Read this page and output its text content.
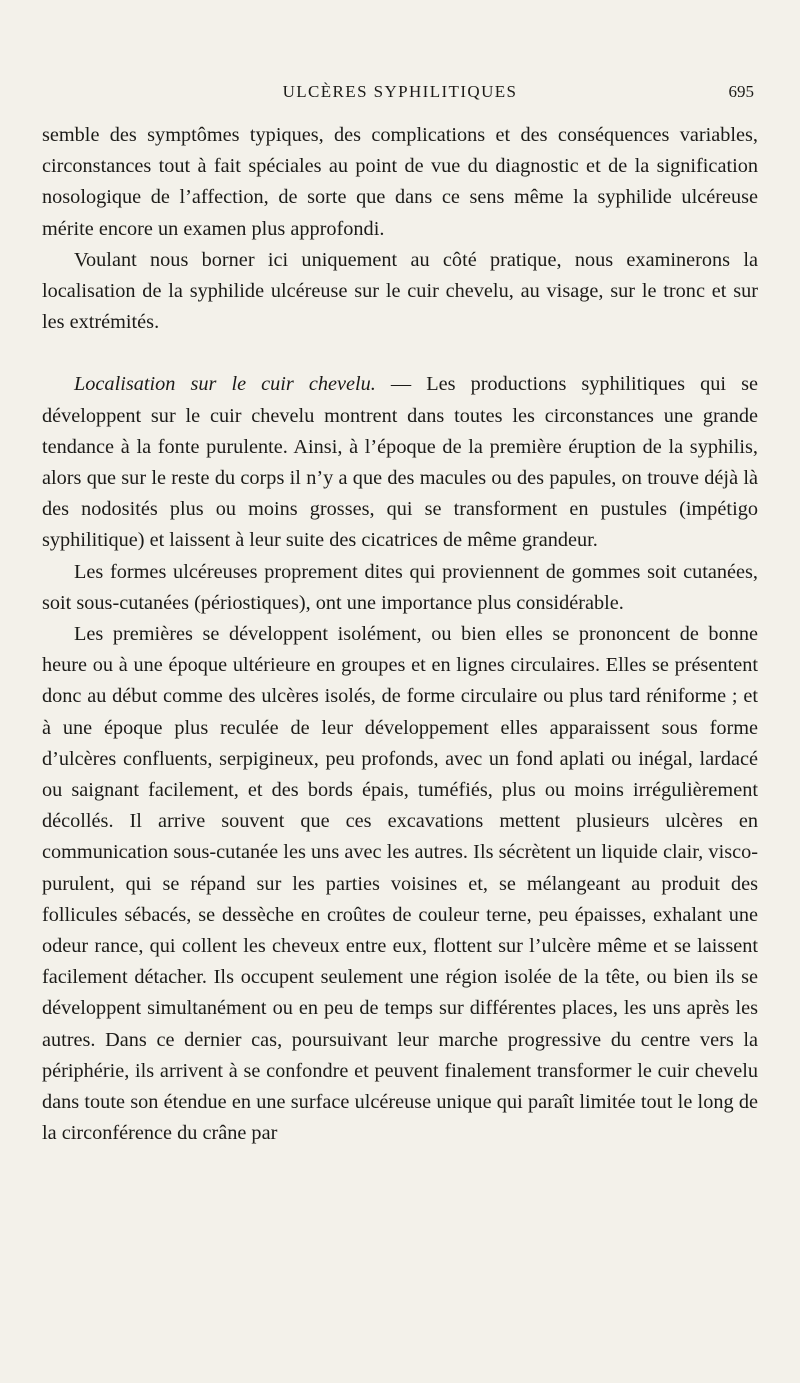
ULCÈRES SYPHILITIQUES	695

semble des symptômes typiques, des complications et des conséquences variables, circonstances tout à fait spéciales au point de vue du diagnostic et de la signification nosologique de l’affection, de sorte que dans ce sens même la syphilide ulcéreuse mérite encore un examen plus approfondi.

Voulant nous borner ici uniquement au côté pratique, nous examinerons la localisation de la syphilide ulcéreuse sur le cuir chevelu, au visage, sur le tronc et sur les extrémités.

Localisation sur le cuir chevelu. — Les productions syphilitiques qui se développent sur le cuir chevelu montrent dans toutes les circonstances une grande tendance à la fonte purulente. Ainsi, à l’époque de la première éruption de la syphilis, alors que sur le reste du corps il n’y a que des macules ou des papules, on trouve déjà là des nodosités plus ou moins grosses, qui se transforment en pustules (impétigo syphilitique) et laissent à leur suite des cicatrices de même grandeur.

Les formes ulcéreuses proprement dites qui proviennent de gommes soit cutanées, soit sous-cutanées (périostiques), ont une importance plus considérable.

Les premières se développent isolément, ou bien elles se prononcent de bonne heure ou à une époque ultérieure en groupes et en lignes circulaires. Elles se présentent donc au début comme des ulcères isolés, de forme circulaire ou plus tard réniforme ; et à une époque plus reculée de leur développement elles apparaissent sous forme d’ulcères confluents, serpigineux, peu profonds, avec un fond aplati ou inégal, lardacé ou saignant facilement, et des bords épais, tuméfiés, plus ou moins irrégulièrement décollés. Il arrive souvent que ces excavations mettent plusieurs ulcères en communication sous-cutanée les uns avec les autres. Ils sécrètent un liquide clair, visco-purulent, qui se répand sur les parties voisines et, se mélangeant au produit des follicules sébacés, se dessèche en croûtes de couleur terne, peu épaisses, exhalant une odeur rance, qui collent les cheveux entre eux, flottent sur l’ulcère même et se laissent facilement détacher. Ils occupent seulement une région isolée de la tête, ou bien ils se développent simultanément ou en peu de temps sur différentes places, les uns après les autres. Dans ce dernier cas, poursuivant leur marche progressive du centre vers la périphérie, ils arrivent à se confondre et peuvent finalement transformer le cuir chevelu dans toute son étendue en une surface ulcéreuse unique qui paraît limitée tout le long de la circonférence du crâne par
